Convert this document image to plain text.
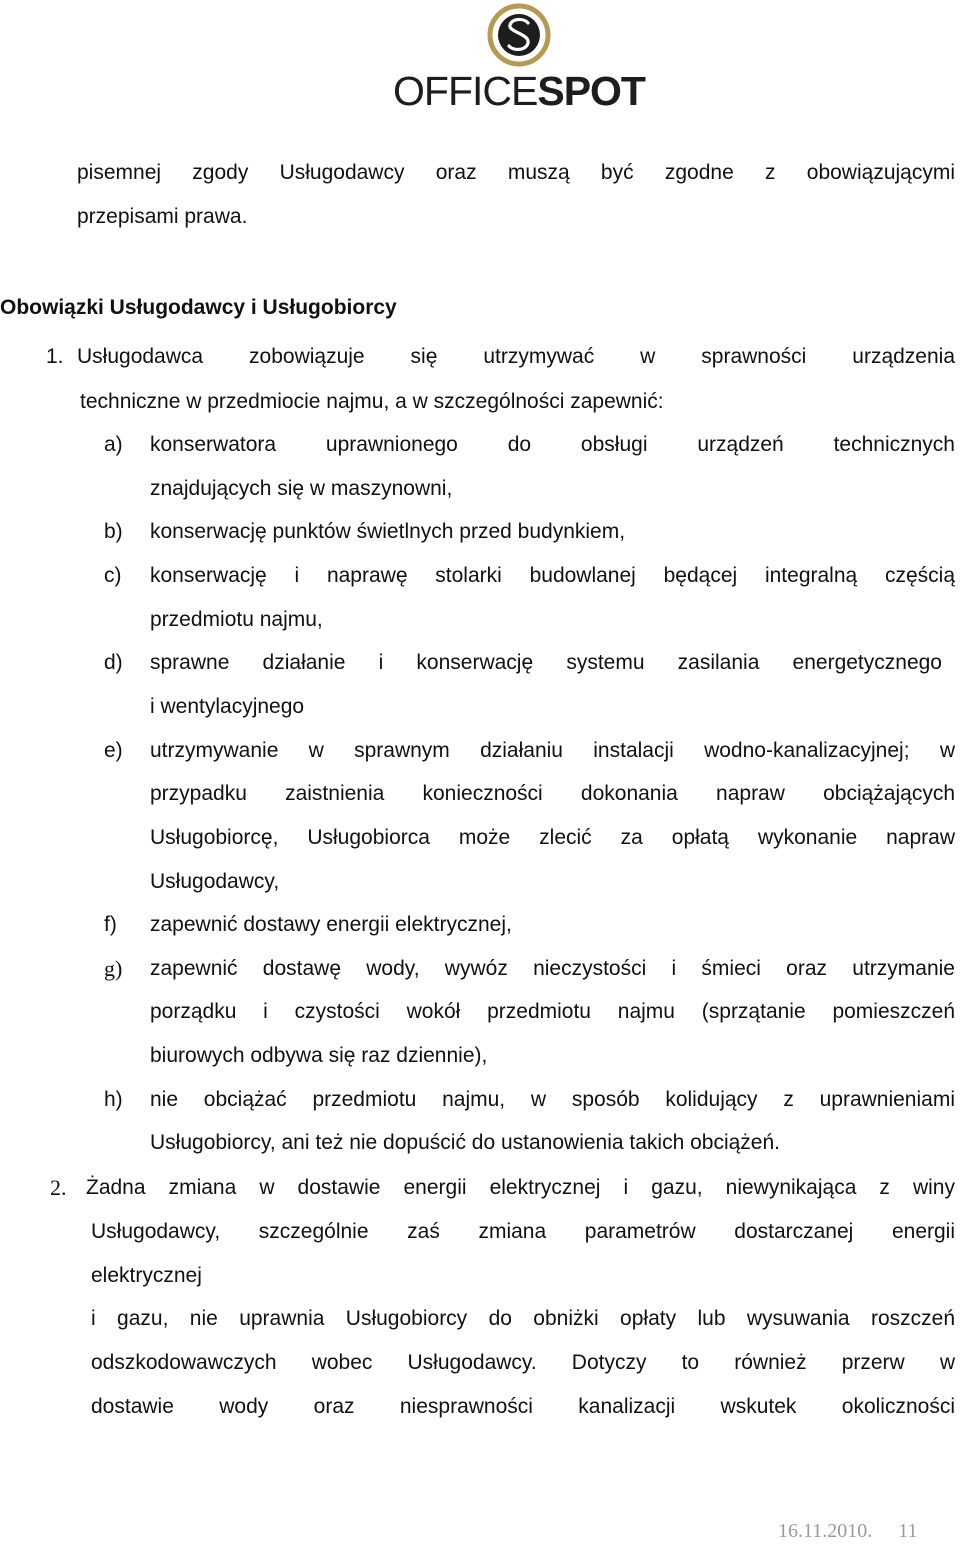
OFFICESPOT
pisemnej zgody Usługodawcy oraz muszą być zgodne z obowiązującymi
przepisami prawa.
Obowiązki Usługodawcy i Usługobiorcy
1. Usługodawca zobowiązuje się utrzymywać w sprawności urządzenia
techniczne w przedmiocie najmu, a w szczególności zapewnić:
a) konserwatora uprawnionego do obsługi urządzeń technicznych
znajdujących się w maszynowni,
b) konserwację punktów świetlnych przed budynkiem,
c) konserwację i naprawę stolarki budowlanej będącej integralną częścią
przedmiotu najmu,
d) sprawne działanie i konserwację systemu zasilania energetycznego
i wentylacyjnego
e) utrzymywanie w sprawnym działaniu instalacji wodno-kanalizacyjnej; w
przypadku zaistnienia konieczności dokonania napraw obciążających
Usługobiorcę, Usługobiorca może zlecić za opłatą wykonanie napraw
Usługodawcy,
f) zapewnić dostawy energii elektrycznej,
g) zapewnić dostawę wody, wywóz nieczystości i śmieci oraz utrzymanie
porządku i czystości wokół przedmiotu najmu (sprzątanie pomieszczeń
biurowych odbywa się raz dziennie),
h) nie obciążać przedmiotu najmu, w sposób kolidujący z uprawnieniami
Usługobiorcy, ani też nie dopuścić do ustanowienia takich obciążeń.
2. Żadna zmiana w dostawie energii elektrycznej i gazu, niewynikająca z winy
Usługodawcy, szczególnie zaś zmiana parametrów dostarczanej energii
elektrycznej
i gazu, nie uprawnia Usługobiorcy do obniżki opłaty lub wysuwania roszczeń
odszkodowawczych wobec Usługodawcy. Dotyczy to również przerw w
dostawie wody oraz niesprawności kanalizacji wskutek okoliczności
16.11.2010. 11
